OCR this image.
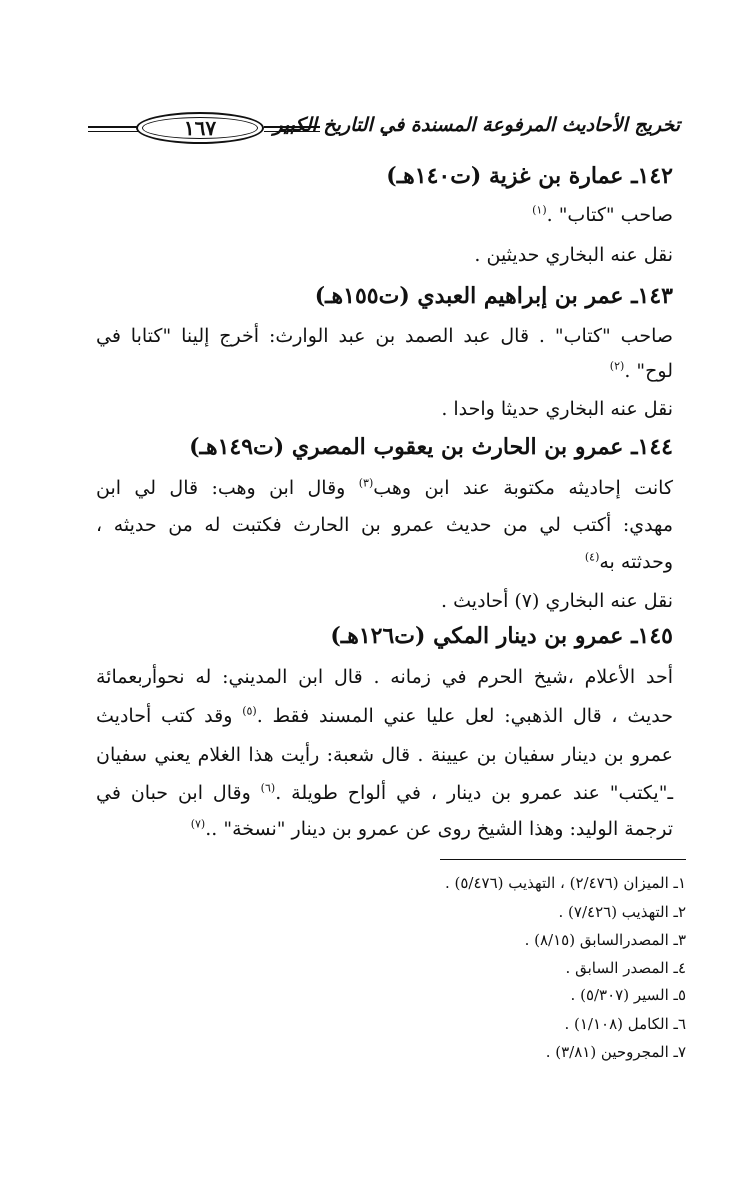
١٦٧	تخريج الأحاديث المرفوعة المسندة في التاريخ الكبير
١٤٢ـ عمارة بن غزية (ت١٤٠هـ)
صاحب "كتاب" .$^{(١)}$
نقل عنه البخاري حديثين .
١٤٣ـ عمر بن إبراهيم العبدي (ت١٥٥هـ)
صاحب "كتاب" . قال عبد الصمد بن عبد الوارث: أخرج إلينا "كتابا في
لوح" .$^{(٢)}$
نقل عنه البخاري حديثا واحدا .
١٤٤ـ عمرو بن الحارث بن يعقوب المصري (ت١٤٩هـ)
كانت إحاديثه مكتوبة عند ابن وهب$^{(٣)}$ وقال ابن وهب: قال لي ابن
مهدي: أكتب لي من حديث عمرو بن الحارث فكتبت له من حديثه ،
وحدثته به$^{(٤)}$
نقل عنه البخاري (٧) أحاديث .
١٤٥ـ عمرو بن دينار المكي (ت١٢٦هـ)
أحد الأعلام ،شيخ الحرم في زمانه . قال ابن المديني: له نحوأربعمائة
حديث ، قال الذهبي: لعل عليا عني المسند فقط .$^{(٥)}$ وقد كتب أحاديث
عمرو بن دينار سفيان بن عيينة . قال شعبة: رأيت هذا الغلام يعني سفيان
ـ"يكتب" عند عمرو بن دينار ، في ألواح طويلة .$^{(٦)}$ وقال ابن حبان في
ترجمة الوليد: وهذا الشيخ روى عن عمرو بن دينار "نسخة" ..$^{(٧)}$
١ـ الميزان (٢/٤٧٦) ، التهذيب (٥/٤٧٦) .
٢ـ التهذيب (٧/٤٢٦) .
٣ـ المصدرالسابق (٨/١٥) .
٤ـ المصدر السابق .
٥ـ السير (٥/٣٠٧) .
٦ـ الكامل (١/١٠٨) .
٧ـ المجروحين (٣/٨١) .
